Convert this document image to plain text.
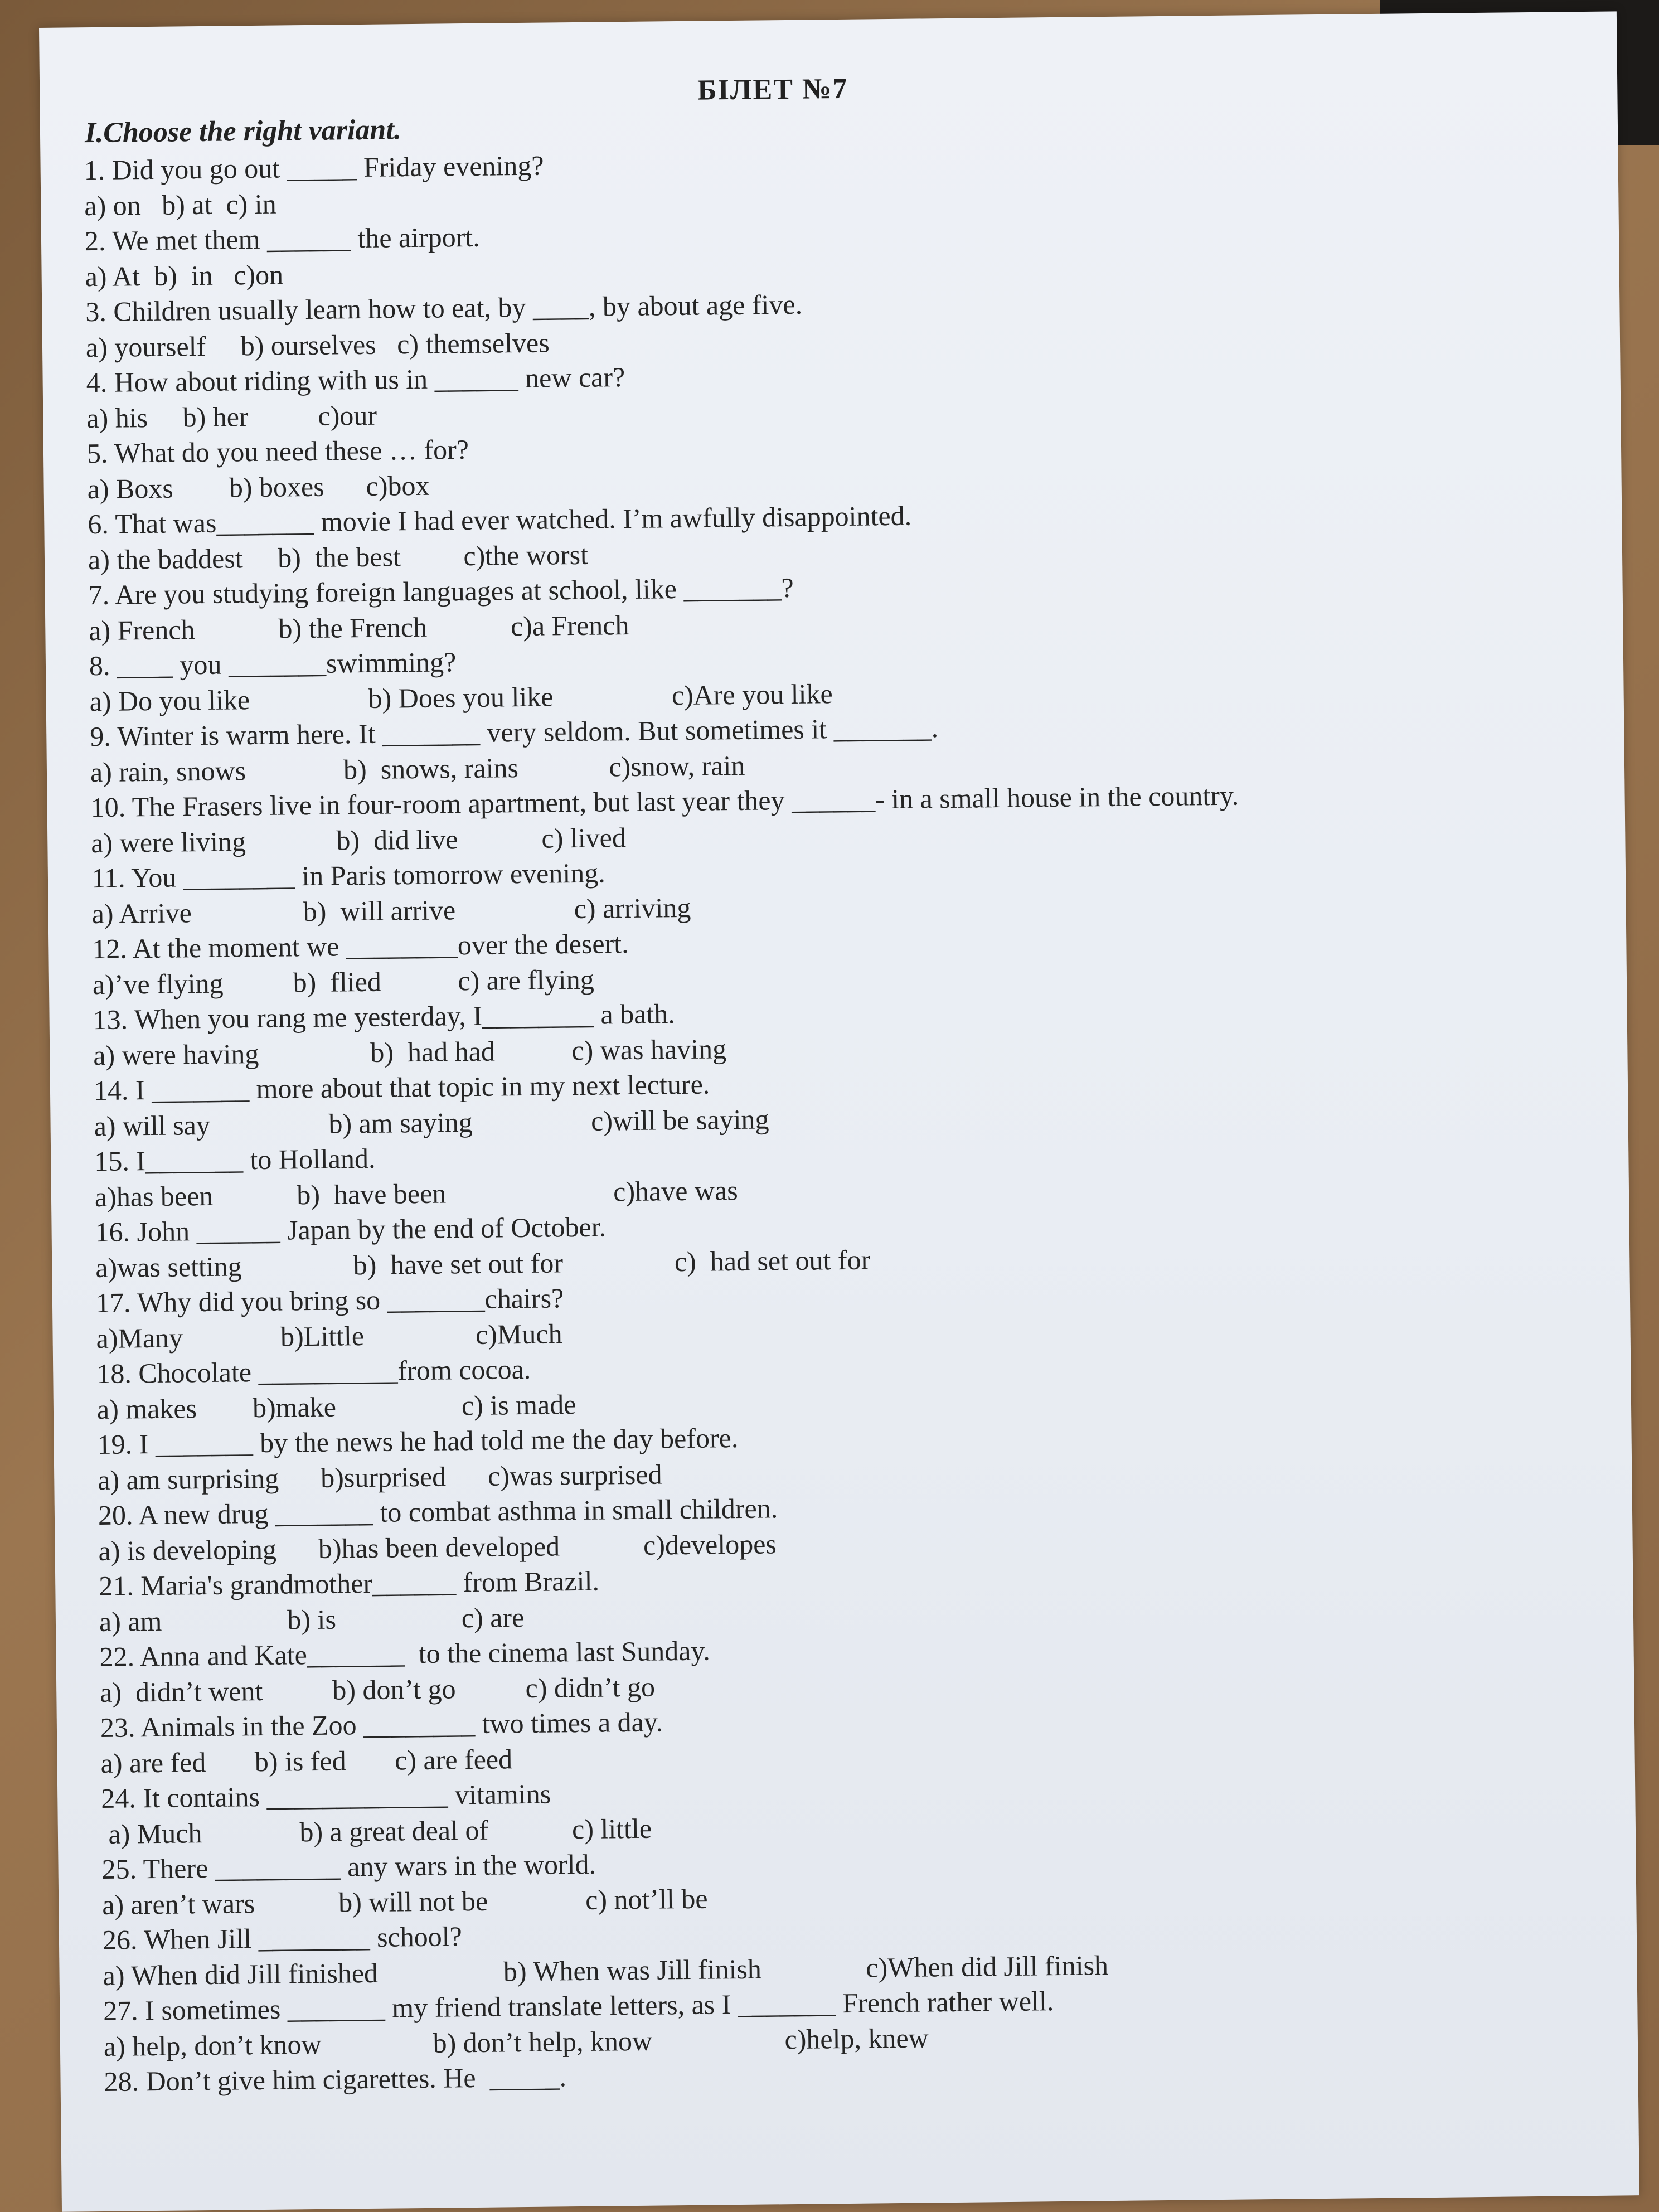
БІЛЕТ №7
I.Choose the right variant.
1. Did you go out _____ Friday evening?
a) on   b) at  c) in
2. We met them ______ the airport.
a) At  b)  in   c)on
3. Children usually learn how to eat, by ____, by about age five.
a) yourself     b) ourselves   c) themselves
4. How about riding with us in ______ new car?
a) his     b) her          c)our
5. What do you need these … for?
a) Boxs        b) boxes      c)box
6. That was_______ movie I had ever watched. I’m awfully disappointed.
a) the baddest     b)  the best         c)the worst
7. Are you studying foreign languages at school, like _______?
a) French            b) the French            c)a French
8. ____ you _______swimming?
a) Do you like                 b) Does you like                 c)Are you like
9. Winter is warm here. It _______ very seldom. But sometimes it _______.
a) rain, snows              b)  snows, rains             c)snow, rain
10. The Frasers live in four-room apartment, but last year they ______- in a small house in the country.
a) were living             b)  did live            c) lived
11. You ________ in Paris tomorrow evening.
a) Arrive                b)  will arrive                 c) arriving
12. At the moment we ________over the desert.
a)’ve flying          b)  flied           c) are flying
13. When you rang me yesterday, I________ a bath.
a) were having                b)  had had           c) was having
14. I _______ more about that topic in my next lecture.
a) will say                 b) am saying                 c)will be saying
15. I_______ to Holland.
a)has been            b)  have been                        c)have was
16. John ______ Japan by the end of October.
a)was setting                b)  have set out for                c)  had set out for
17. Why did you bring so _______chairs?
a)Many              b)Little                c)Much
18. Chocolate __________from cocoa.
a) makes        b)make                  c) is made
19. I _______ by the news he had told me the day before.
a) am surprising      b)surprised      c)was surprised
20. A new drug _______ to combat asthma in small children.
a) is developing      b)has been developed            c)developes
21. Maria's grandmother______ from Brazil.
a) am                  b) is                  c) are
22. Anna and Kate_______  to the cinema last Sunday.
a)  didn’t went          b) don’t go          c) didn’t go
23. Animals in the Zoo ________ two times a day.
a) are fed       b) is fed       c) are feed
24. It contains _____________ vitamins
a) Much              b) a great deal of            c) little
25. There _________ any wars in the world.
a) aren’t wars            b) will not be              c) not’ll be
26. When Jill ________ school?
a) When did Jill finished                  b) When was Jill finish               c)When did Jill finish
27. I sometimes _______ my friend translate letters, as I _______ French rather well.
a) help, don’t know                b) don’t help, know                   c)help, knew
28. Don’t give him cigarettes. He  _____.
